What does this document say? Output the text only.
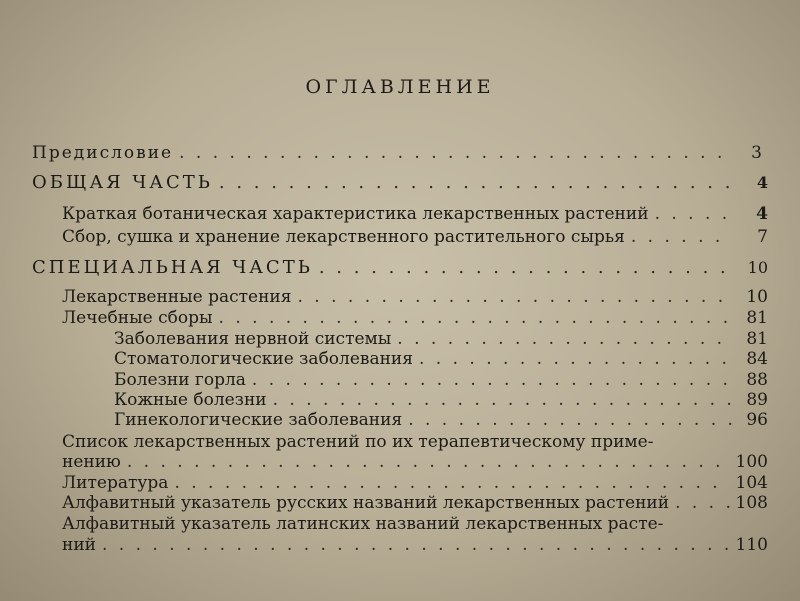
ОГЛАВЛЕНИЕ
Предисловие . . .	3
ОБЩАЯ ЧАСТЬ . . .	4
Краткая ботаническая характеристика лекарственных растений . . .	4
Сбор, сушка и хранение лекарственного растительного сырья . . .	7
СПЕЦИАЛЬНАЯ ЧАСТЬ . . .	10
Лекарственные растения . . .	10
Лечебные сборы . . .	81
Заболевания нервной системы . . .	81
Стоматологические заболевания . . .	84
Болезни горла . . .	88
Кожные болезни . . .	89
Гинекологические заболевания . . .	96
Список лекарственных растений по их терапевтическому приме-
нению . . .	100
Литература . . .	104
Алфавитный указатель русских названий лекарственных растений . . .	108
Алфавитный указатель латинских названий лекарственных расте-
ний . . .	110
